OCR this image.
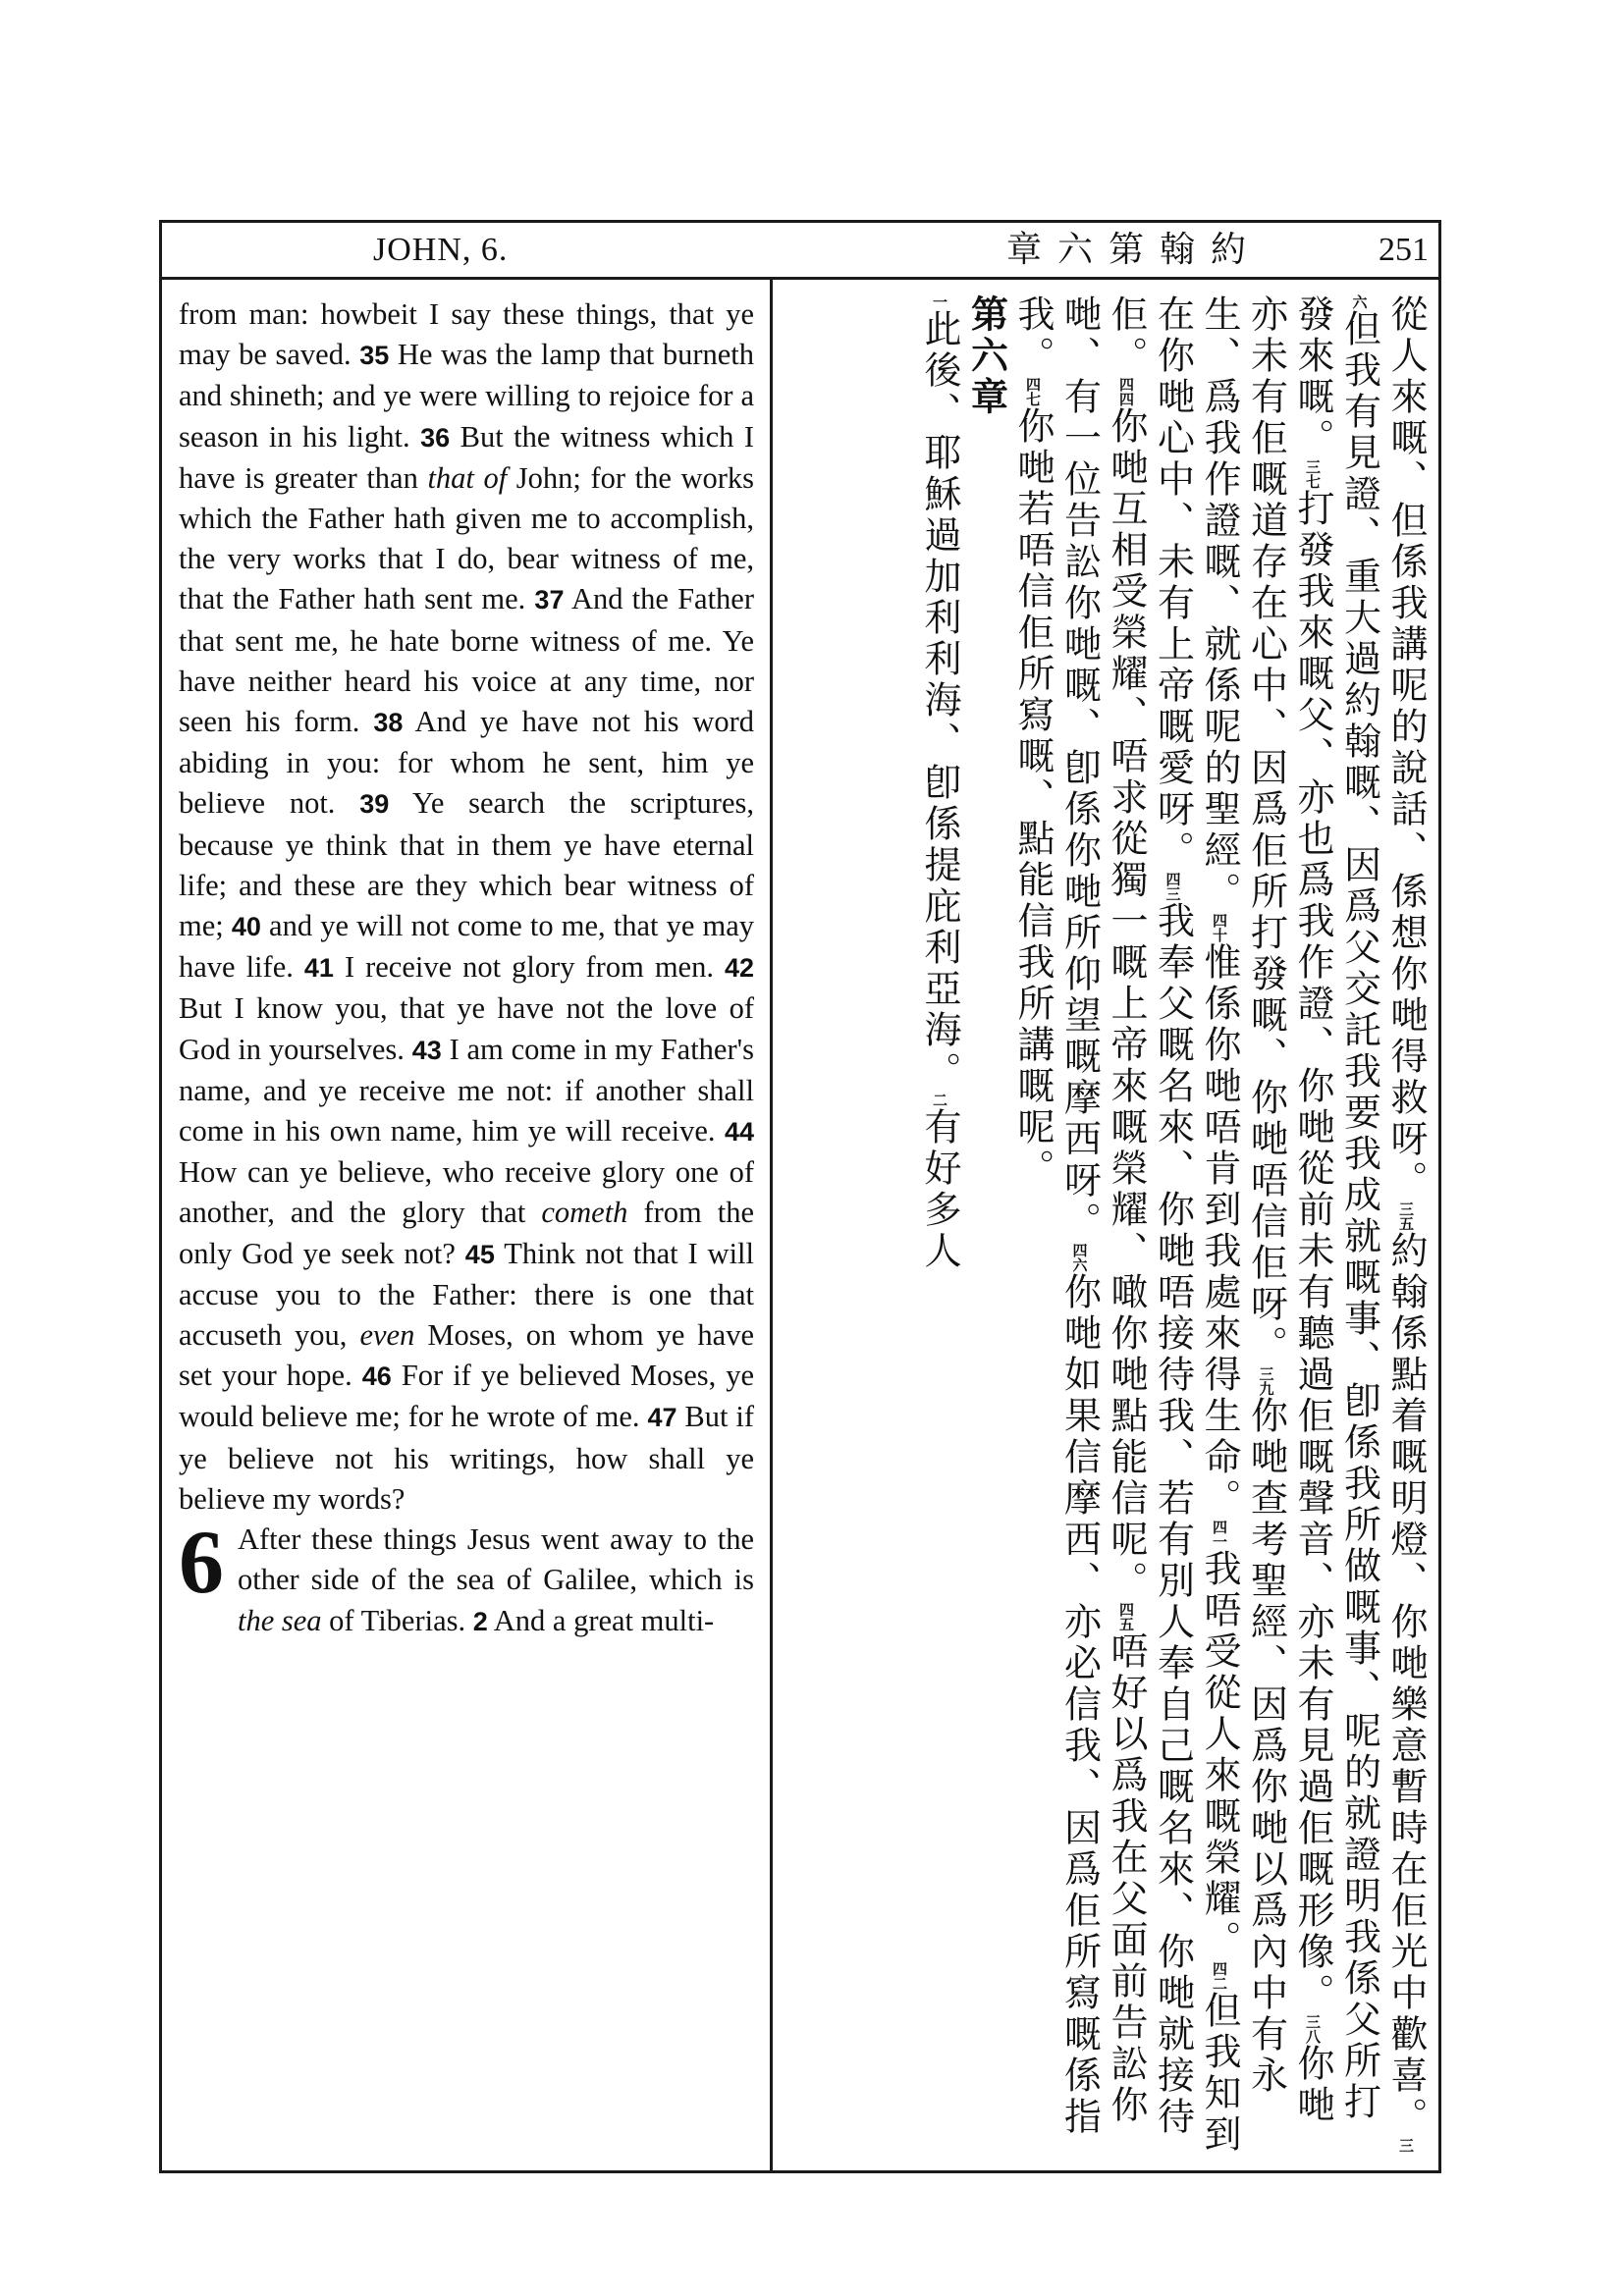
JOHN, 6.	約翰第六章	251

from man: howbeit I say these things, that ye may be saved. 35 He was the lamp that burneth and shineth; and ye were willing to rejoice for a season in his light. 36 But the witness which I have is greater than that of John; for the works which the Father hath given me to accomplish, the very works that I do, bear witness of me, that the Father hath sent me. 37 And the Father that sent me, he hate borne witness of me. Ye have neither heard his voice at any time, nor seen his form. 38 And ye have not his word abiding in you: for whom he sent, him ye believe not. 39 Ye search the scriptures, because ye think that in them ye have eternal life; and these are they which bear witness of me; 40 and ye will not come to me, that ye may have life. 41 I receive not glory from men. 42 But I know you, that ye have not the love of God in yourselves. 43 I am come in my Father's name, and ye receive me not: if another shall come in his own name, him ye will receive. 44 How can ye believe, who receive glory one of another, and the glory that cometh from the only God ye seek not? 45 Think not that I will accuse you to the Father: there is one that accuseth you, even Moses, on whom ye have set your hope. 46 For if ye believed Moses, ye would believe me; for he wrote of me. 47 But if ye believe not his writings, how shall ye believe my words?

6 After these things Jesus went away to the other side of the sea of Galilee, which is the sea of Tiberias. 2 And a great multi-

從人來嘅、但係我講呢的說話、係想你哋得救呀。三五約翰係點着嘅明燈、你哋樂意暫時在佢光中歡喜。三六但我有見證、重大過約翰嘅、因爲父交託我要我成就嘅事、卽係我所做嘅事、呢的就證明我係父所打發來嘅。三七打發我來嘅父、亦也爲我作證、你哋從前未有聽過佢嘅聲音、亦未有見過佢嘅形像。三八你哋亦未有佢嘅道存在心中、因爲佢所打發嘅、你哋唔信佢呀。三九你哋查考聖經、因爲你哋以爲內中有永生、爲我作證嘅、就係呢的聖經。四十惟係你哋唔肯到我處來得生命。四一我唔受從人來嘅榮耀。四二但我知到在你哋心中、未有上帝嘅愛呀。四三我奉父嘅名來、你哋唔接待我、若有別人奉自己嘅名來、你哋就接待佢。四四你哋互相受榮耀、唔求從獨一嘅上帝來嘅榮耀、噉你哋點能信呢。四五唔好以爲我在父面前告訟你哋、有一位告訟你哋嘅、卽係你哋所仰望嘅摩西呀。四六你哋如果信摩西、亦必信我、因爲佢所寫嘅係指我。四七你哋若唔信佢所寫嘅、點能信我所講嘅呢。
第六章
一此後、耶穌過加利利海、卽係提庇利亞海。二有好多人
